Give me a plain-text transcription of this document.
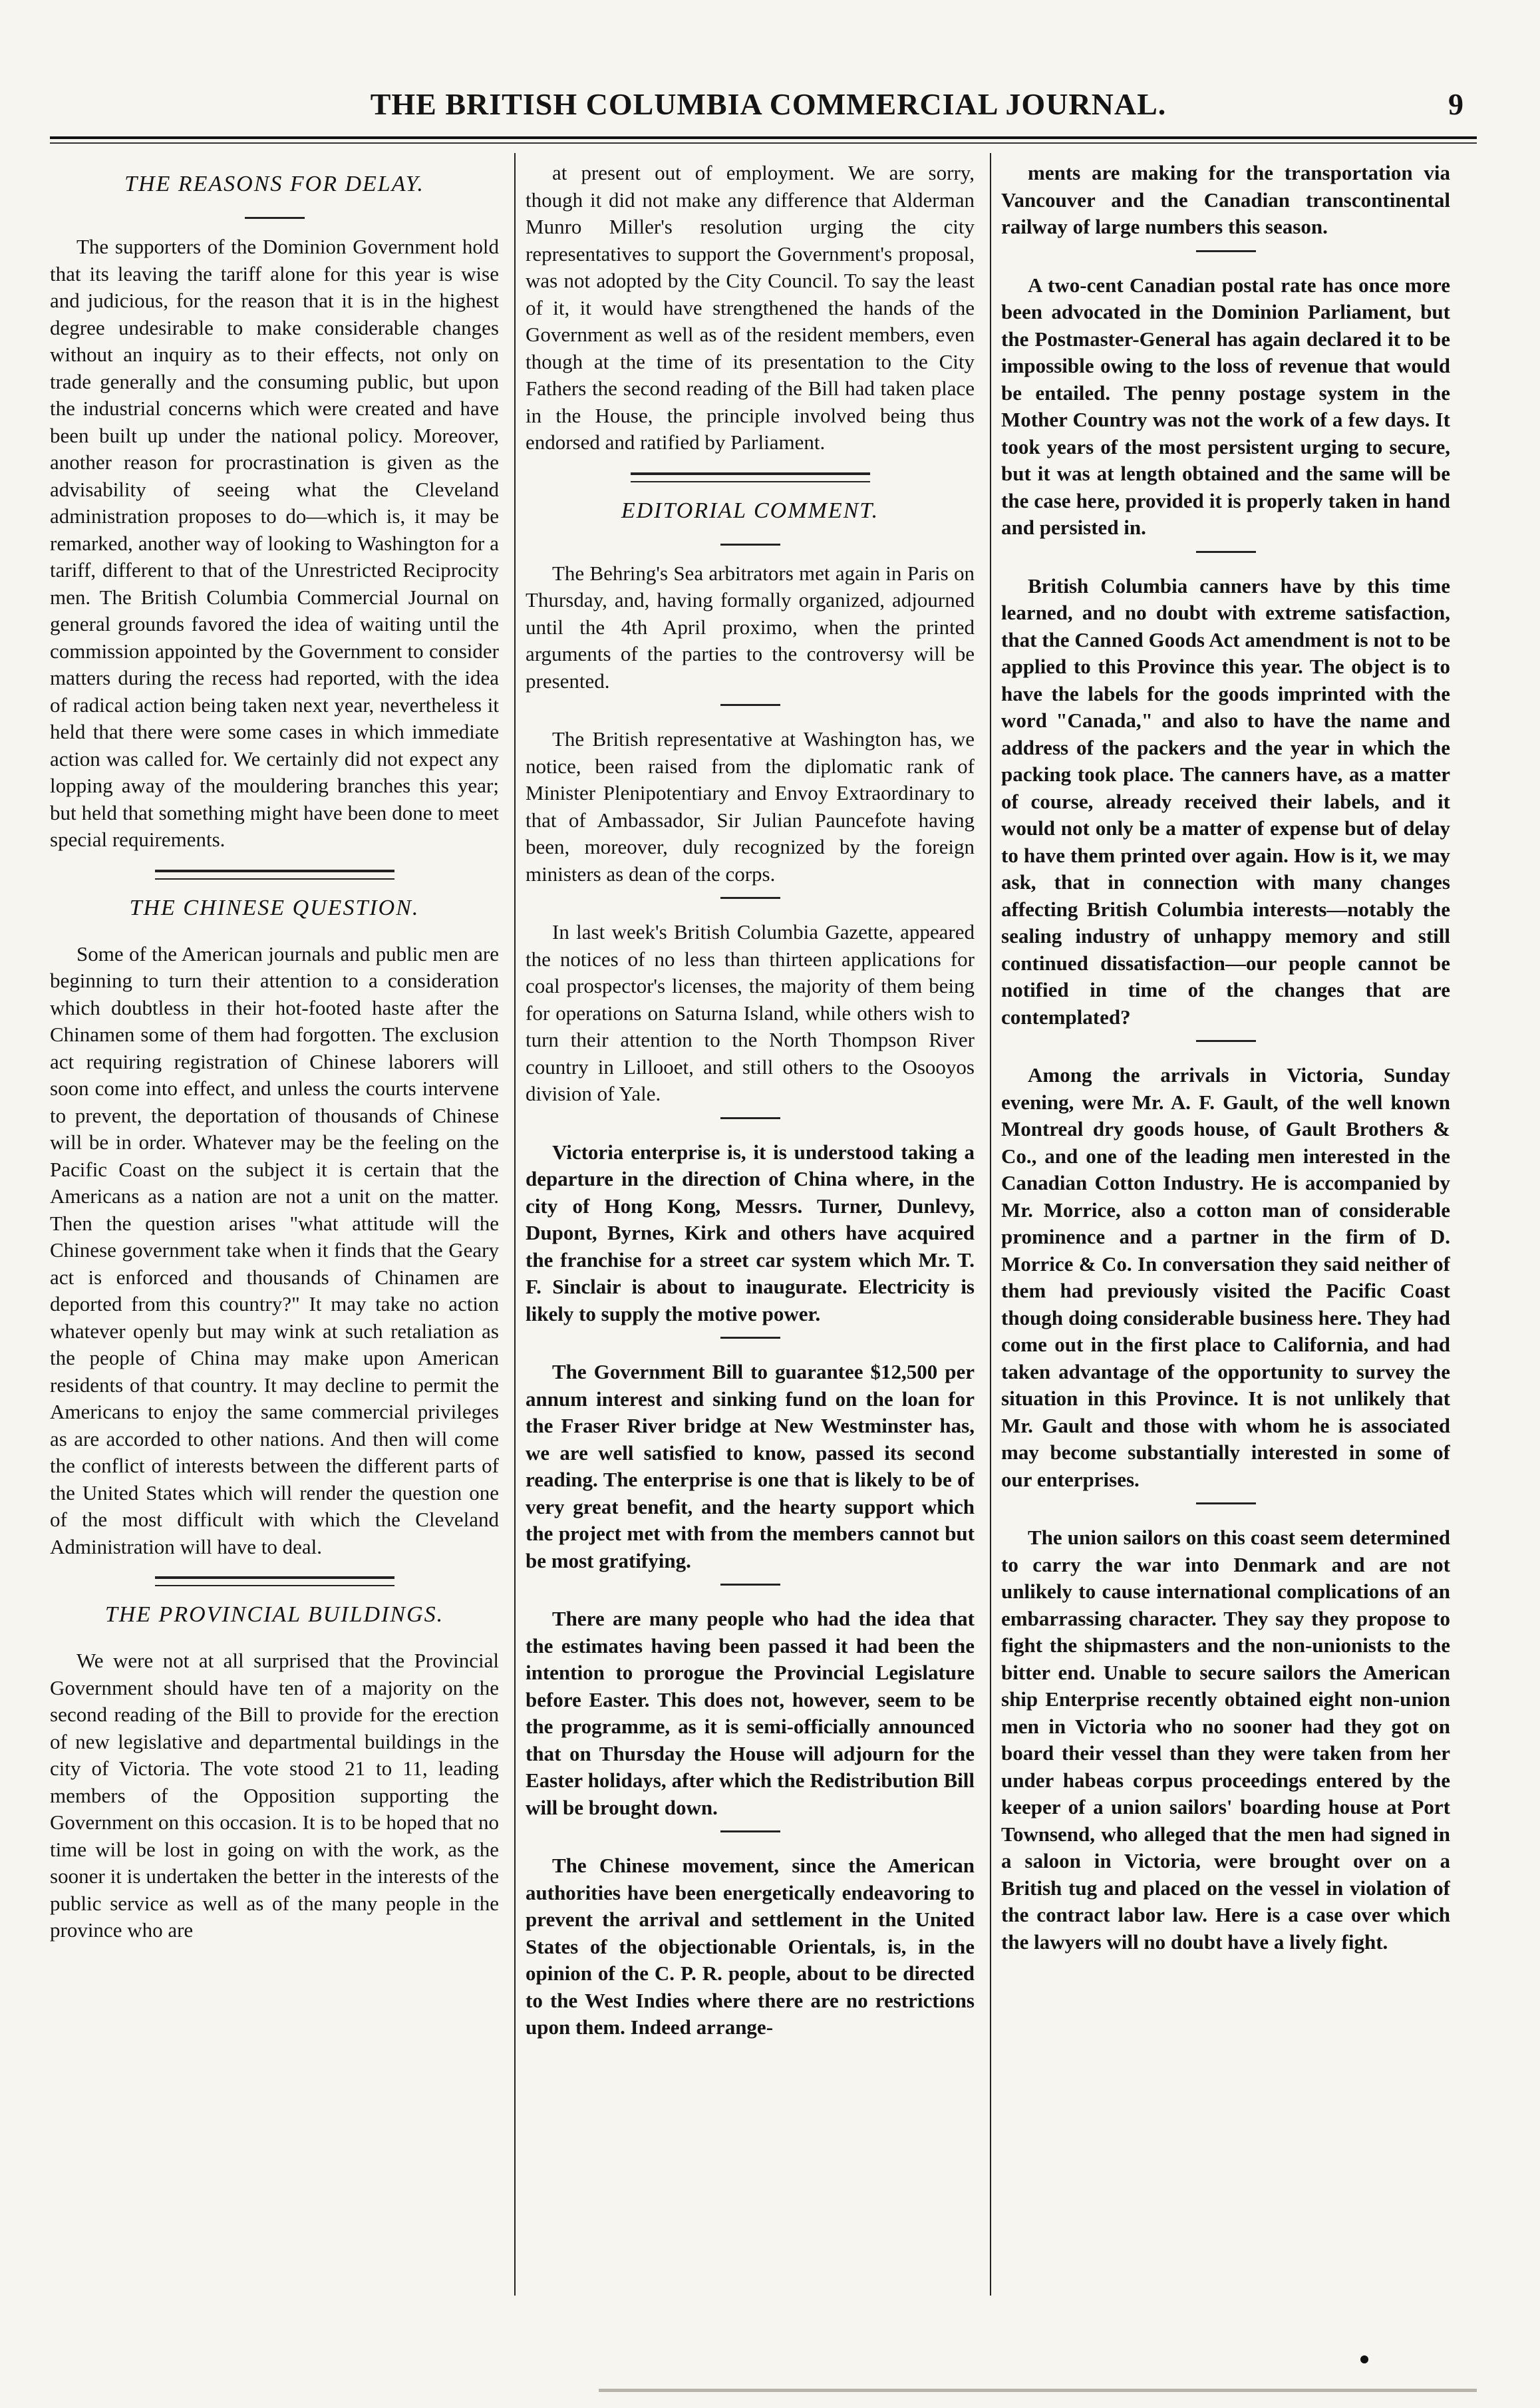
THE BRITISH COLUMBIA COMMERCIAL JOURNAL.	9
THE REASONS FOR DELAY.

The supporters of the Dominion Government hold that its leaving the tariff alone for this year is wise and judicious, for the reason that it is in the highest degree undesirable to make considerable changes without an inquiry as to their effects, not only on trade generally and the consuming public, but upon the industrial concerns which were created and have been built up under the national policy. Moreover, another reason for procrastination is given as the advisability of seeing what the Cleveland administration proposes to do—which is, it may be remarked, another way of looking to Washington for a tariff, different to that of the Unrestricted Reciprocity men. The British Columbia Commercial Journal on general grounds favored the idea of waiting until the commission appointed by the Government to consider matters during the recess had reported, with the idea of radical action being taken next year, nevertheless it held that there were some cases in which immediate action was called for. We certainly did not expect any lopping away of the mouldering branches this year; but held that something might have been done to meet special requirements.

THE CHINESE QUESTION.

Some of the American journals and public men are beginning to turn their attention to a consideration which doubtless in their hot-footed haste after the Chinamen some of them had forgotten. The exclusion act requiring registration of Chinese laborers will soon come into effect, and unless the courts intervene to prevent, the deportation of thousands of Chinese will be in order. Whatever may be the feeling on the Pacific Coast on the subject it is certain that the Americans as a nation are not a unit on the matter. Then the question arises "what attitude will the Chinese government take when it finds that the Geary act is enforced and thousands of Chinamen are deported from this country?" It may take no action whatever openly but may wink at such retaliation as the people of China may make upon American residents of that country. It may decline to permit the Americans to enjoy the same commercial privileges as are accorded to other nations. And then will come the conflict of interests between the different parts of the United States which will render the question one of the most difficult with which the Cleveland Administration will have to deal.

THE PROVINCIAL BUILDINGS.

We were not at all surprised that the Provincial Government should have ten of a majority on the second reading of the Bill to provide for the erection of new legislative and departmental buildings in the city of Victoria. The vote stood 21 to 11, leading members of the Opposition supporting the Government on this occasion. It is to be hoped that no time will be lost in going on with the work, as the sooner it is undertaken the better in the interests of the public service as well as of the many people in the province who are

at present out of employment. We are sorry, though it did not make any difference that Alderman Munro Miller's resolution urging the city representatives to support the Government's proposal, was not adopted by the City Council. To say the least of it, it would have strengthened the hands of the Government as well as of the resident members, even though at the time of its presentation to the City Fathers the second reading of the Bill had taken place in the House, the principle involved being thus endorsed and ratified by Parliament.

EDITORIAL COMMENT.

The Behring's Sea arbitrators met again in Paris on Thursday, and, having formally organized, adjourned until the 4th April proximo, when the printed arguments of the parties to the controversy will be presented.

The British representative at Washington has, we notice, been raised from the diplomatic rank of Minister Plenipotentiary and Envoy Extraordinary to that of Ambassador, Sir Julian Pauncefote having been, moreover, duly recognized by the foreign ministers as dean of the corps.

In last week's British Columbia Gazette, appeared the notices of no less than thirteen applications for coal prospector's licenses, the majority of them being for operations on Saturna Island, while others wish to turn their attention to the North Thompson River country in Lillooet, and still others to the Osooyos division of Yale.

Victoria enterprise is, it is understood taking a departure in the direction of China where, in the city of Hong Kong, Messrs. Turner, Dunlevy, Dupont, Byrnes, Kirk and others have acquired the franchise for a street car system which Mr. T. F. Sinclair is about to inaugurate. Electricity is likely to supply the motive power.

The Government Bill to guarantee $12,500 per annum interest and sinking fund on the loan for the Fraser River bridge at New Westminster has, we are well satisfied to know, passed its second reading. The enterprise is one that is likely to be of very great benefit, and the hearty support which the project met with from the members cannot but be most gratifying.

There are many people who had the idea that the estimates having been passed it had been the intention to prorogue the Provincial Legislature before Easter. This does not, however, seem to be the programme, as it is semi-officially announced that on Thursday the House will adjourn for the Easter holidays, after which the Redistribution Bill will be brought down.

The Chinese movement, since the American authorities have been energetically endeavoring to prevent the arrival and settlement in the United States of the objectionable Orientals, is, in the opinion of the C. P. R. people, about to be directed to the West Indies where there are no restrictions upon them. Indeed arrange-

ments are making for the transportation via Vancouver and the Canadian transcontinental railway of large numbers this season.

A two-cent Canadian postal rate has once more been advocated in the Dominion Parliament, but the Postmaster-General has again declared it to be impossible owing to the loss of revenue that would be entailed. The penny postage system in the Mother Country was not the work of a few days. It took years of the most persistent urging to secure, but it was at length obtained and the same will be the case here, provided it is properly taken in hand and persisted in.

British Columbia canners have by this time learned, and no doubt with extreme satisfaction, that the Canned Goods Act amendment is not to be applied to this Province this year. The object is to have the labels for the goods imprinted with the word "Canada," and also to have the name and address of the packers and the year in which the packing took place. The canners have, as a matter of course, already received their labels, and it would not only be a matter of expense but of delay to have them printed over again. How is it, we may ask, that in connection with many changes affecting British Columbia interests—notably the sealing industry of unhappy memory and still continued dissatisfaction—our people cannot be notified in time of the changes that are contemplated?

Among the arrivals in Victoria, Sunday evening, were Mr. A. F. Gault, of the well known Montreal dry goods house, of Gault Brothers & Co., and one of the leading men interested in the Canadian Cotton Industry. He is accompanied by Mr. Morrice, also a cotton man of considerable prominence and a partner in the firm of D. Morrice & Co. In conversation they said neither of them had previously visited the Pacific Coast though doing considerable business here. They had come out in the first place to California, and had taken advantage of the opportunity to survey the situation in this Province. It is not unlikely that Mr. Gault and those with whom he is associated may become substantially interested in some of our enterprises.

The union sailors on this coast seem determined to carry the war into Denmark and are not unlikely to cause international complications of an embarrassing character. They say they propose to fight the shipmasters and the non-unionists to the bitter end. Unable to secure sailors the American ship Enterprise recently obtained eight non-union men in Victoria who no sooner had they got on board their vessel than they were taken from her under habeas corpus proceedings entered by the keeper of a union sailors' boarding house at Port Townsend, who alleged that the men had signed in a saloon in Victoria, were brought over on a British tug and placed on the vessel in violation of the contract labor law. Here is a case over which the lawyers will no doubt have a lively fight.
